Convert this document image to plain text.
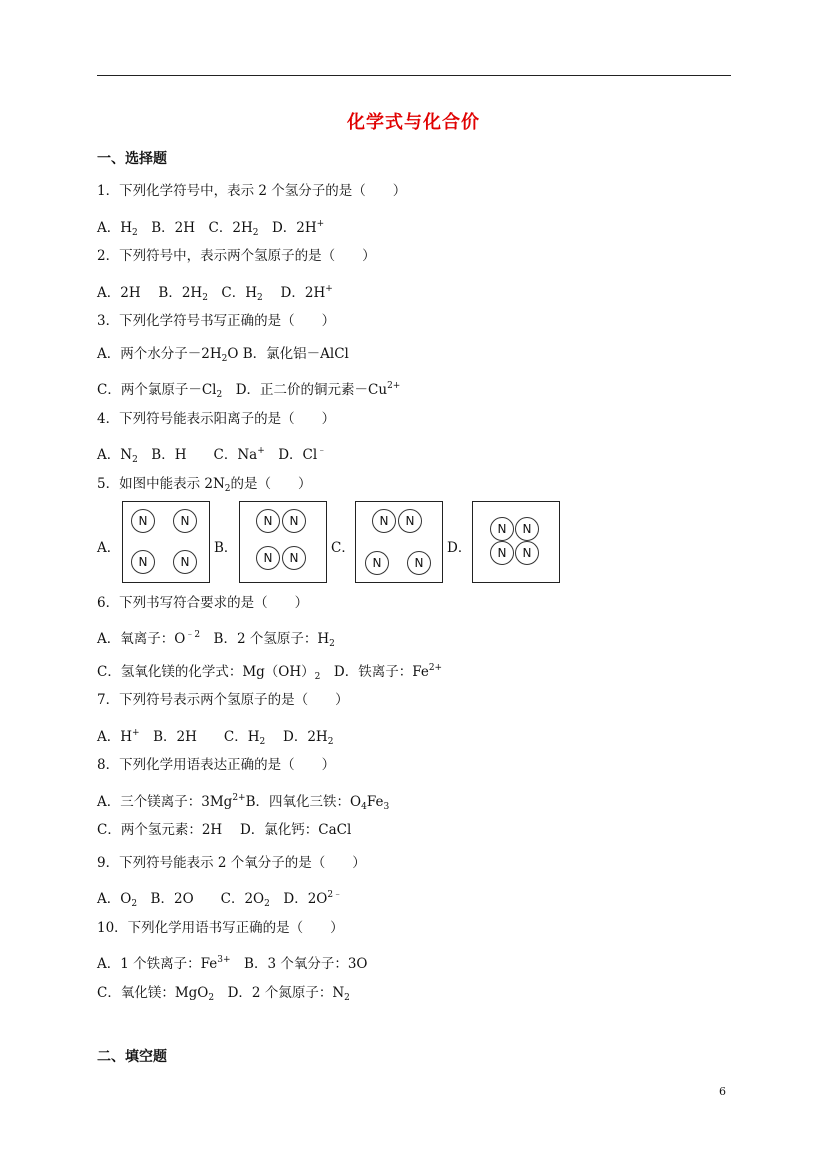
化学式与化合价
一、选择题
1．下列化学符号中，表示 2 个氢分子的是（　　）
A．$H_2$　B．2H　C．$2H_2$　D．2H+
2．下列符号中，表示两个氢原子的是（　　）
A．2H　 B．$2H_2$　C．$H_2$　 D．2H+
3．下列化学符号书写正确的是（　　）
A．两个水分子$-2H_2O$ B．氯化铝－AlCl
C．两个氯原子$-Cl_2$　D．正二价的铜元素$-Cu^{2+}$
4．下列符号能表示阳离子的是（　　）
A．$N_2$　B．H　　C．Na+　D．Cl﹣
5．如图中能表示 $2N_2$的是（　　）
A．
N	N
N	N
B．
N	N
N	N
C．
N	N
N	N
D．
N	N
N	N
6．下列书写符合要求的是（　　）
A．氧离子：$O^{﹣2}$　B．2 个氢原子：$H_2$
C．氢氧化镁的化学式：$Mg(OH)_2$　D．铁离子：$Fe^{2+}$
7．下列符号表示两个氢原子的是（　　）
A．H+　B．2H　　C．$H_2$　 D．$2H_2$
8．下列化学用语表达正确的是（　　）
A．三个镁离子：$3Mg^{2+}B$．四氧化三铁：$O_4Fe_3$
C．两个氢元素：2H　 D．氯化钙：CaCl
9．下列符号能表示 2 个氧分子的是（　　）
A．$O_2$　B．2O　　C．$2O_2$　D．$2O^{2﹣}$
10．下列化学用语书写正确的是（　　）
A．1 个铁离子：$Fe^{3+}$　B．3 个氧分子：3O
C．氧化镁：MgO$_2$　D．2 个氮原子：$N_2$
二、填空题
6
